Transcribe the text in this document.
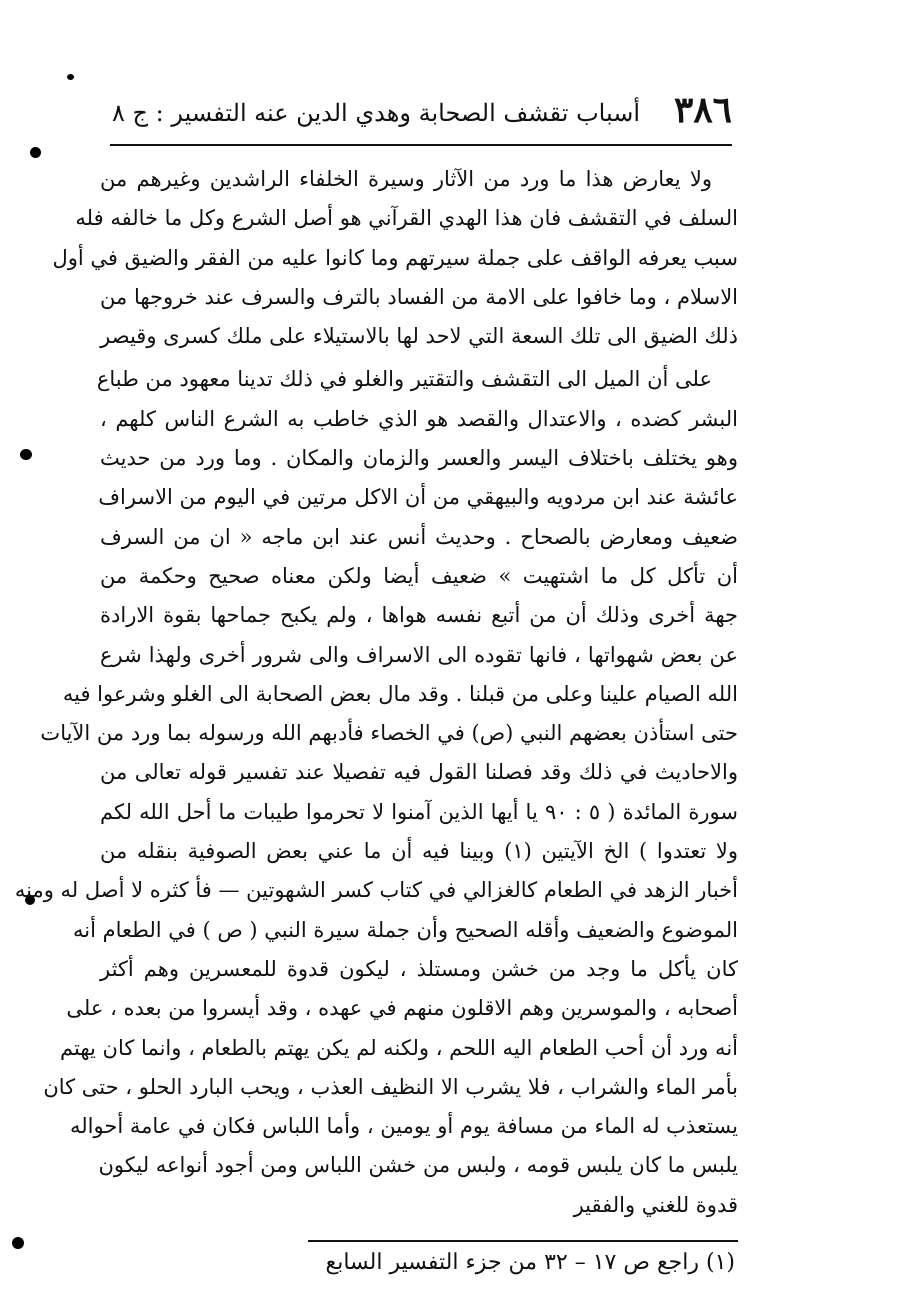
٣٨٦
أسباب تقشف الصحابة وهدي الدين عنه
التفسير : ج ٨
ولا يعارض هذا ما ورد من الآثار وسيرة الخلفاء الراشدين وغيرهم من
السلف في التقشف فان هذا الهدي القرآني هو أصل الشرع وكل ما خالفه فله
سبب يعرفه الواقف على جملة سيرتهم وما كانوا عليه من الفقر والضيق في أول
الاسلام ، وما خافوا على الامة من الفساد بالترف والسرف عند خروجها من
ذلك الضيق الى تلك السعة التي لاحد لها بالاستيلاء على ملك كسرى وقيصر
على أن الميل الى التقشف والتقتير والغلو في ذلك تدينا معهود من طباع
البشر كضده ، والاعتدال والقصد هو الذي خاطب به الشرع الناس كلهم ،
وهو يختلف باختلاف اليسر والعسر والزمان والمكان . وما ورد من حديث
عائشة عند ابن مردويه والبيهقي من أن الاكل مرتين في اليوم من الاسراف
ضعيف ومعارض بالصحاح . وحديث أنس عند ابن ماجه « ان من السرف
أن تأكل كل ما اشتهيت » ضعيف أيضا ولكن معناه صحيح وحكمة من
جهة أخرى وذلك أن من أتبع نفسه هواها ، ولم يكبح جماحها بقوة الارادة
عن بعض شهواتها ، فانها تقوده الى الاسراف والى شرور أخرى ولهذا شرع
الله الصيام علينا وعلى من قبلنا . وقد مال بعض الصحابة الى الغلو وشرعوا فيه
حتى استأذن بعضهم النبي (ص) في الخصاء فأدبهم الله ورسوله بما ورد من الآيات
والاحاديث في ذلك وقد فصلنا القول فيه تفصيلا عند تفسير قوله تعالى من
سورة المائدة ( ٥ : ٩٠ يا أيها الذين آمنوا لا تحرموا طيبات ما أحل الله لكم
ولا تعتدوا ) الخ الآيتين (١) وبينا فيه أن ما عني بعض الصوفية بنقله من
أخبار الزهد في الطعام كالغزالي في كتاب كسر الشهوتين — فأ كثره لا أصل له ومنه
الموضوع والضعيف وأقله الصحيح وأن جملة سيرة النبي ( ص ) في الطعام أنه
كان يأكل ما وجد من خشن ومستلذ ، ليكون قدوة للمعسرين وهم أكثر
أصحابه ، والموسرين وهم الاقلون منهم في عهده ، وقد أيسروا من بعده ، على
أنه ورد أن أحب الطعام اليه اللحم ، ولكنه لم يكن يهتم بالطعام ، وانما كان يهتم
بأمر الماء والشراب ، فلا يشرب الا النظيف العذب ، ويحب البارد الحلو ، حتى كان
يستعذب له الماء من مسافة يوم أو يومين ، وأما اللباس فكان في عامة أحواله
يلبس ما كان يلبس قومه ، ولبس من خشن اللباس ومن أجود أنواعه ليكون
قدوة للغني والفقير
(١) راجع ص ١٧ – ٣٢ من جزء التفسير السابع
